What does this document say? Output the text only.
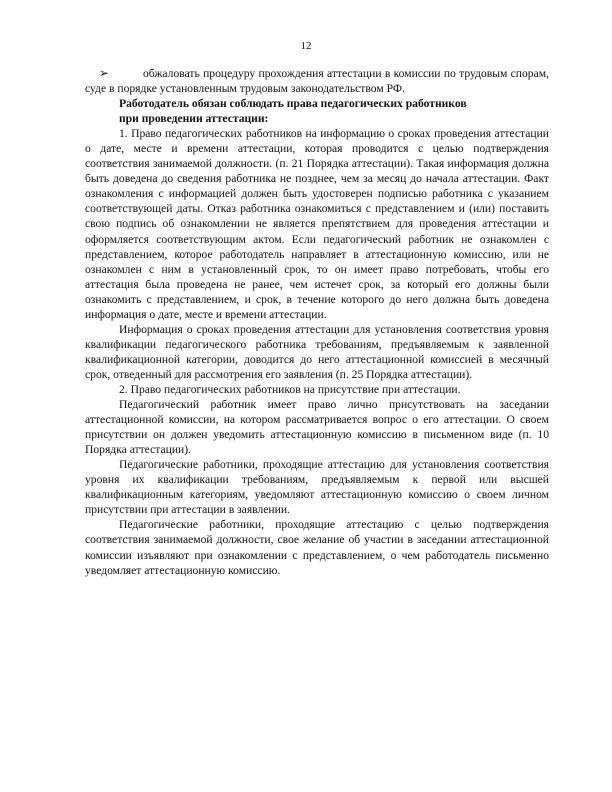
12

➢	обжаловать процедуру прохождения аттестации в комиссии по трудовым спорам, суде в порядке установленным трудовым законодательством РФ.

Работодатель обязан соблюдать права педагогических работников
при проведении аттестации:

1. Право педагогических работников на информацию о сроках проведения аттестации о дате, месте и времени аттестации, которая проводится с целью подтверждения соответствия занимаемой должности. (п. 21 Порядка аттестации). Такая информация должна быть доведена до сведения работника не позднее, чем за месяц до начала аттестации. Факт ознакомления с информацией должен быть удостоверен подписью работника с указанием соответствующей даты. Отказ работника ознакомиться с представлением и (или) поставить свою подпись об ознакомлении не является препятствием для проведения аттестации и оформляется соответствующим актом. Если педагогический работник не ознакомлен с представлением, которое работодатель направляет в аттестационную комиссию, или не ознакомлен с ним в установленный срок, то он имеет право потребовать, чтобы его аттестация была проведена не ранее, чем истечет срок, за который его должны были ознакомить с представлением, и срок, в течение которого до него должна быть доведена информация о дате, месте и времени аттестации.

Информация о сроках проведения аттестации для установления соответствия уровня квалификации педагогического работника требованиям, предъявляемым к заявленной квалификационной категории, доводится до него аттестационной комиссией в месячный срок, отведенный для рассмотрения его заявления (п. 25 Порядка аттестации).

2. Право педагогических работников на присутствие при аттестации.

Педагогический работник имеет право лично присутствовать на заседании аттестационной комиссии, на котором рассматривается вопрос о его аттестации. О своем присутствии он должен уведомить аттестационную комиссию в письменном виде (п. 10 Порядка аттестации).

Педагогические работники, проходящие аттестацию для установления соответствия уровня их квалификации требованиям, предъявляемым к первой или высшей квалификационным категориям, уведомляют аттестационную комиссию о своем личном присутствии при аттестации в заявлении.

Педагогические работники, проходящие аттестацию с целью подтверждения соответствия занимаемой должности, свое желание об участии в заседании аттестационной комиссии изъявляют при ознакомлении с представлением, о чем работодатель письменно уведомляет аттестационную комиссию.
